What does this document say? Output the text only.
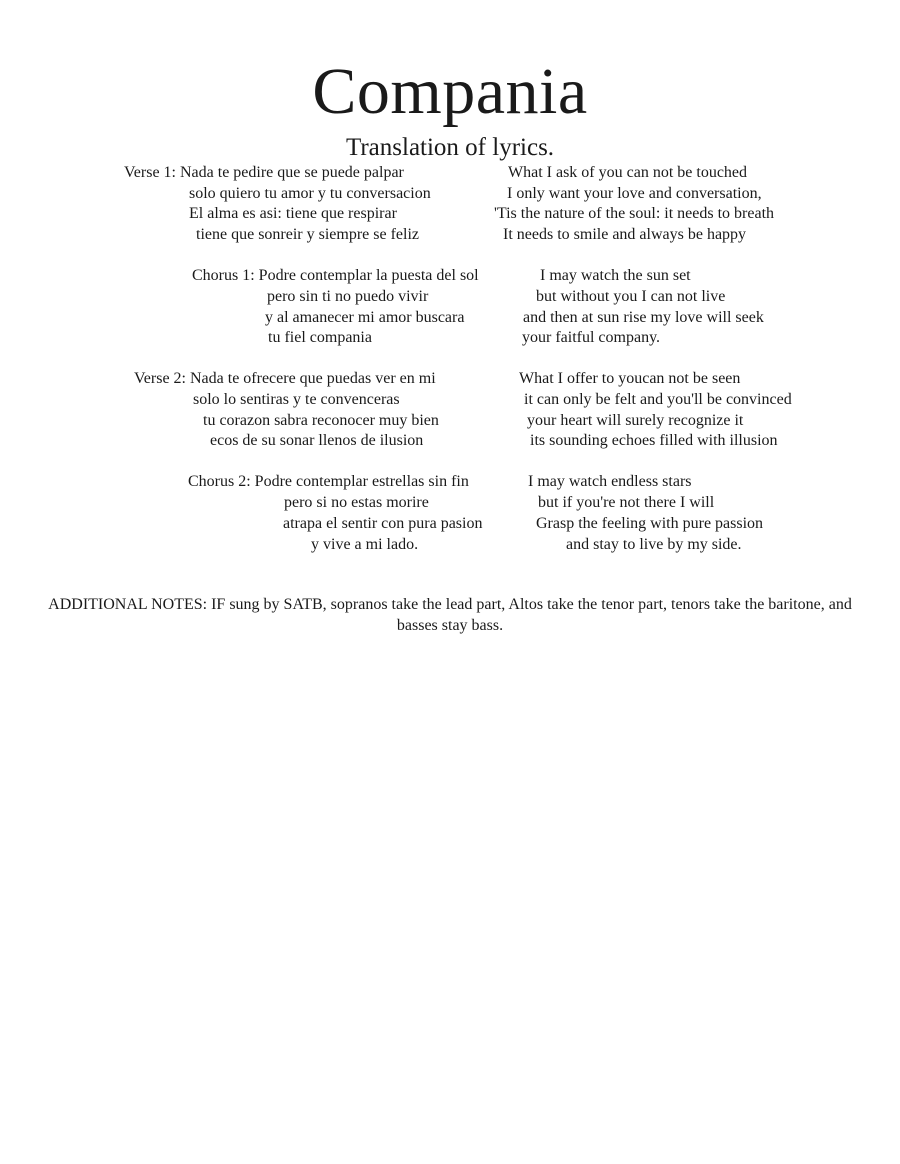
Compania
Translation of lyrics.
Verse 1: Nada te pedire que se puede palpar
solo quiero tu amor y tu conversacion
El alma es asi: tiene que respirar
tiene que sonreir y siempre se feliz
What I ask of you can not be touched
I only want your love and conversation,
'Tis the nature of the soul: it needs to breath
It needs to smile and always be happy
Chorus 1: Podre contemplar la puesta del sol
pero sin ti no puedo vivir
y al amanecer mi amor buscara
tu fiel compania
I may watch the sun set
but without you I can not live
and then at sun rise my love will seek
your faitful company.
Verse 2: Nada te ofrecere que puedas ver en mi
solo lo sentiras y te convenceras
tu corazon sabra reconocer muy bien
ecos de su sonar llenos de ilusion
What I offer to youcan not be seen
it can only be felt and you'll be convinced
your heart will surely recognize it
its sounding echoes filled with illusion
Chorus 2: Podre contemplar estrellas sin fin
pero si no estas morire
atrapa el sentir con pura pasion
y vive a mi lado.
I may watch endless stars
but if you're not there I will
Grasp the feeling with pure passion
and stay to live by my side.

ADDITIONAL NOTES: IF sung by SATB, sopranos take the lead part, Altos take the tenor part, tenors take the baritone, and basses stay bass.
